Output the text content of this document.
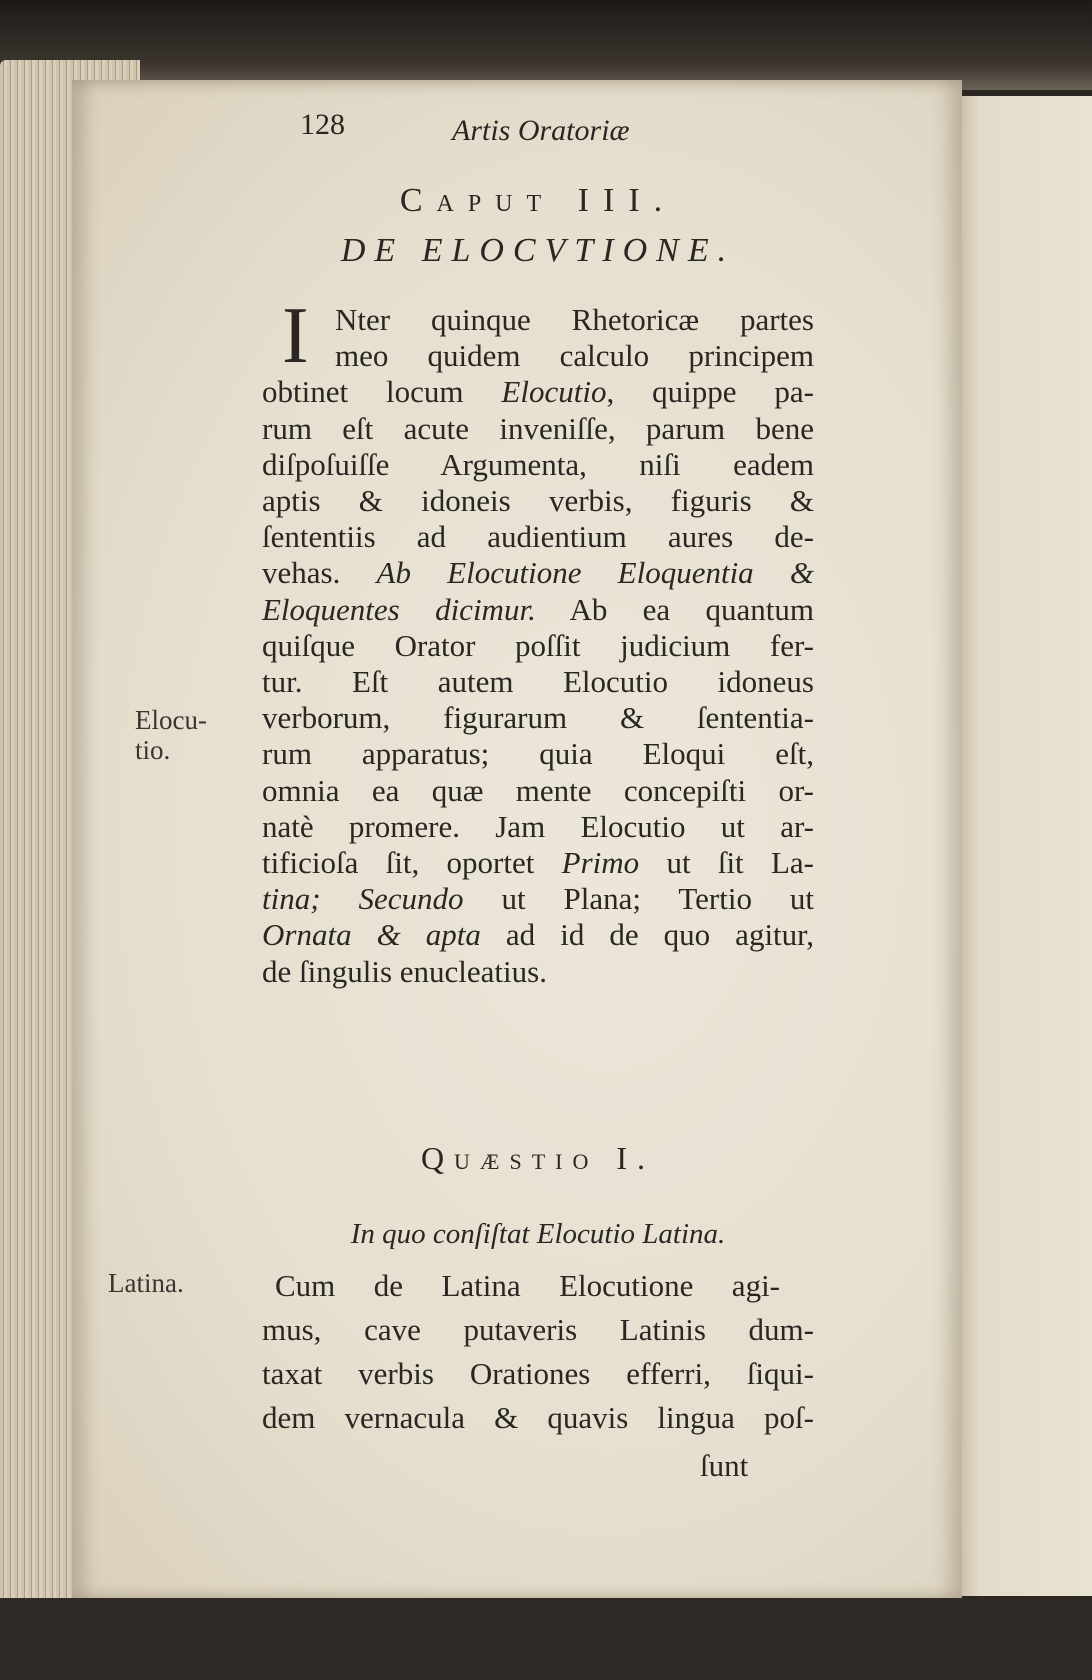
128	Artis Oratoriæ
Caput III.
DE ELOCVTIONE.
I Nter quinque Rhetoricæ partes
meo quidem calculo principem
obtinet locum Elocutio, quippe pa-
rum eſt acute inveniſſe, parum bene
diſpoſuiſſe Argumenta, niſi eadem
aptis & idoneis verbis, figuris &
ſententiis ad audientium aures de-
vehas. Ab Elocutione Eloquentia &
Eloquentes dicimur. Ab ea quantum
quiſque Orator poſſit judicium fer-
tur. Eſt autem Elocutio idoneus
verborum, figurarum & ſententia-
rum apparatus; quia Eloqui eſt,
omnia ea quæ mente concepiſti or-
natè promere. Jam Elocutio ut ar-
tificioſa ſit, oportet Primo ut ſit La-
tina; Secundo ut Plana; Tertio ut
Ornata & apta ad id de quo agitur,
de ſingulis enucleatius.
Elocu-
tio.
Quæstio I.
In quo conſiſtat Elocutio Latina.
Latina.	Cum de Latina Elocutione agi-
mus, cave putaveris Latinis dum-
taxat verbis Orationes efferri, ſiqui-
dem vernacula & quavis lingua poſ-
ſunt
